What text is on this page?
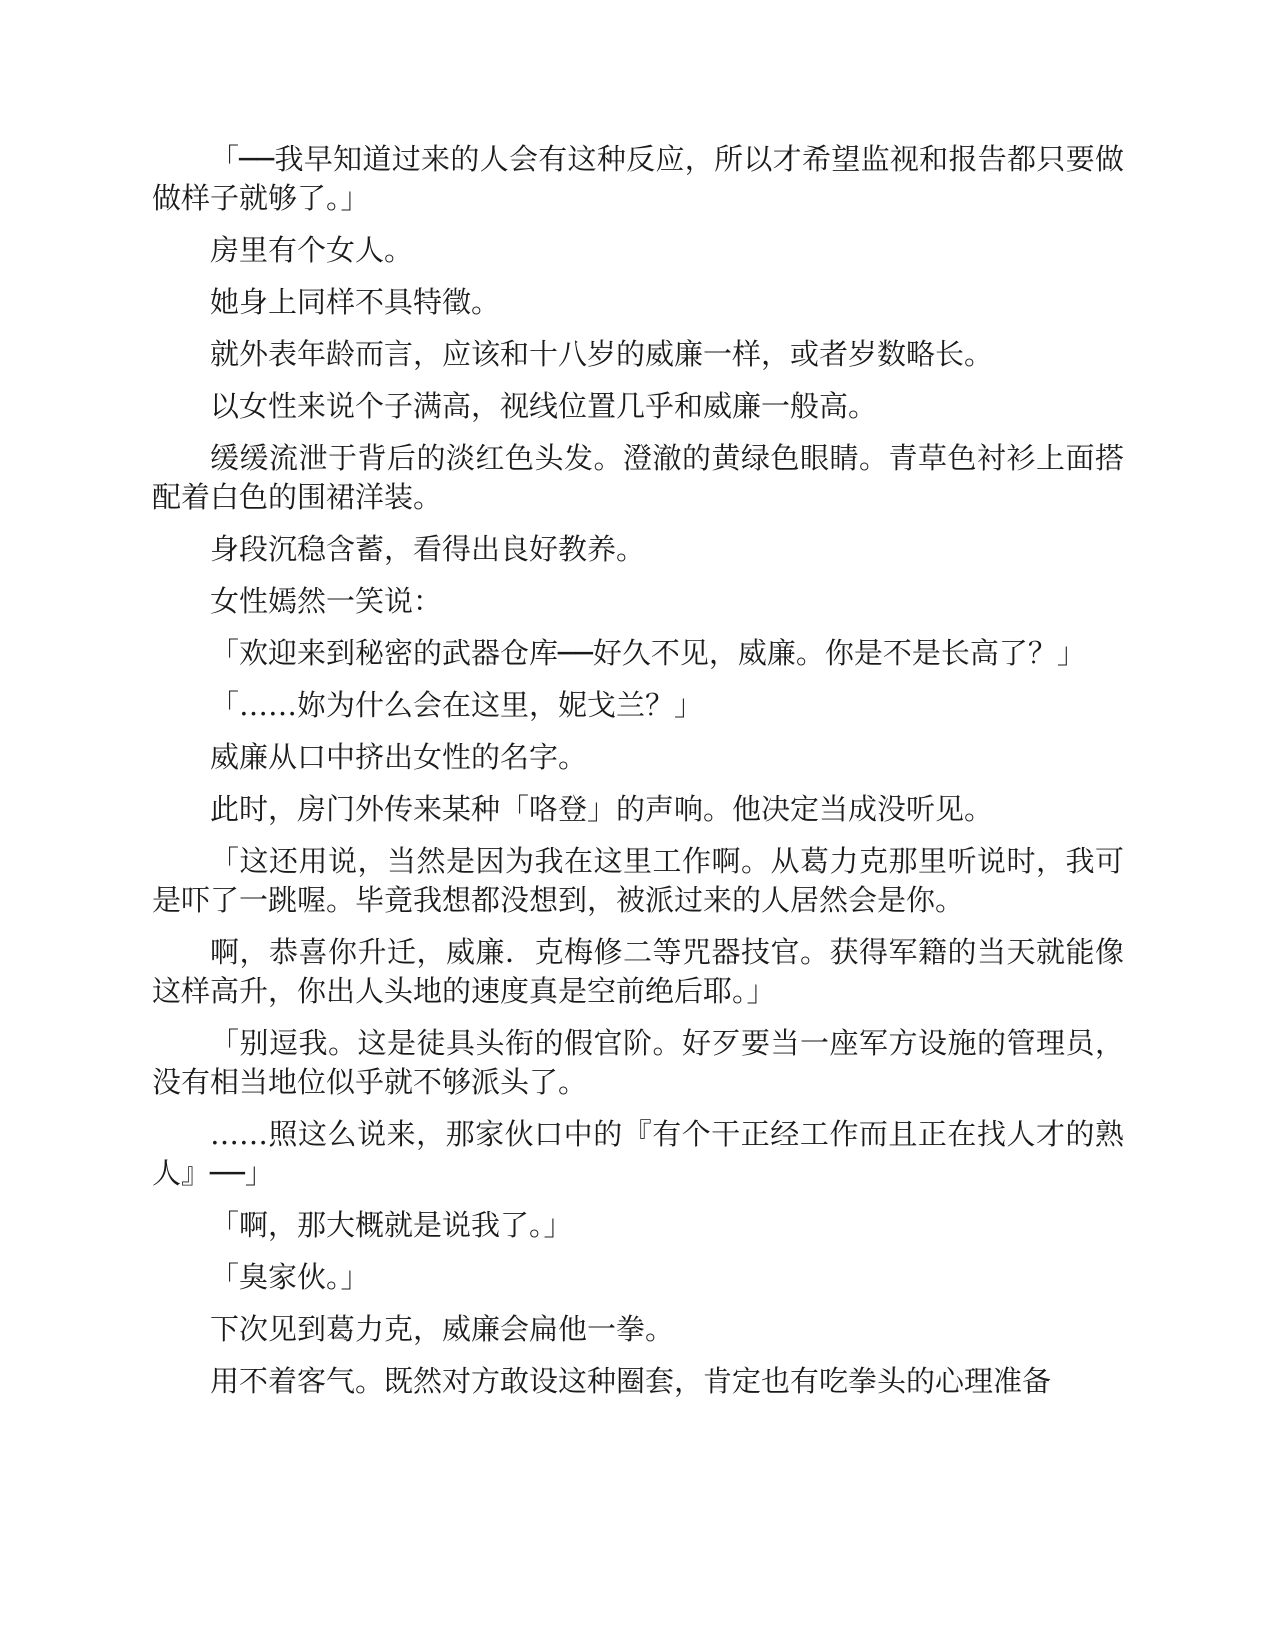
「──我早知道过来的人会有这种反应，所以才希望监视和报告都只要做做样子就够了。」

房里有个女人。

她身上同样不具特徵。

就外表年龄而言，应该和十八岁的威廉一样，或者岁数略长。

以女性来说个子满高，视线位置几乎和威廉一般高。

缓缓流泄于背后的淡红色头发。澄澈的黄绿色眼睛。青草色衬衫上面搭配着白色的围裙洋装。

身段沉稳含蓄，看得出良好教养。

女性嫣然一笑说：

「欢迎来到秘密的武器仓库──好久不见，威廉。你是不是长高了？」

「……妳为什么会在这里，妮戈兰？」

威廉从口中挤出女性的名字。

此时，房门外传来某种「咯登」的声响。他决定当成没听见。

「这还用说，当然是因为我在这里工作啊。从葛力克那里听说时，我可是吓了一跳喔。毕竟我想都没想到，被派过来的人居然会是你。

啊，恭喜你升迁，威廉．克梅修二等咒器技官。获得军籍的当天就能像这样高升，你出人头地的速度真是空前绝后耶。」

「别逗我。这是徒具头衔的假官阶。好歹要当一座军方设施的管理员，没有相当地位似乎就不够派头了。

……照这么说来，那家伙口中的『有个干正经工作而且正在找人才的熟人』──」

「啊，那大概就是说我了。」

「臭家伙。」

下次见到葛力克，威廉会扁他一拳。

用不着客气。既然对方敢设这种圈套，肯定也有吃拳头的心理准备
